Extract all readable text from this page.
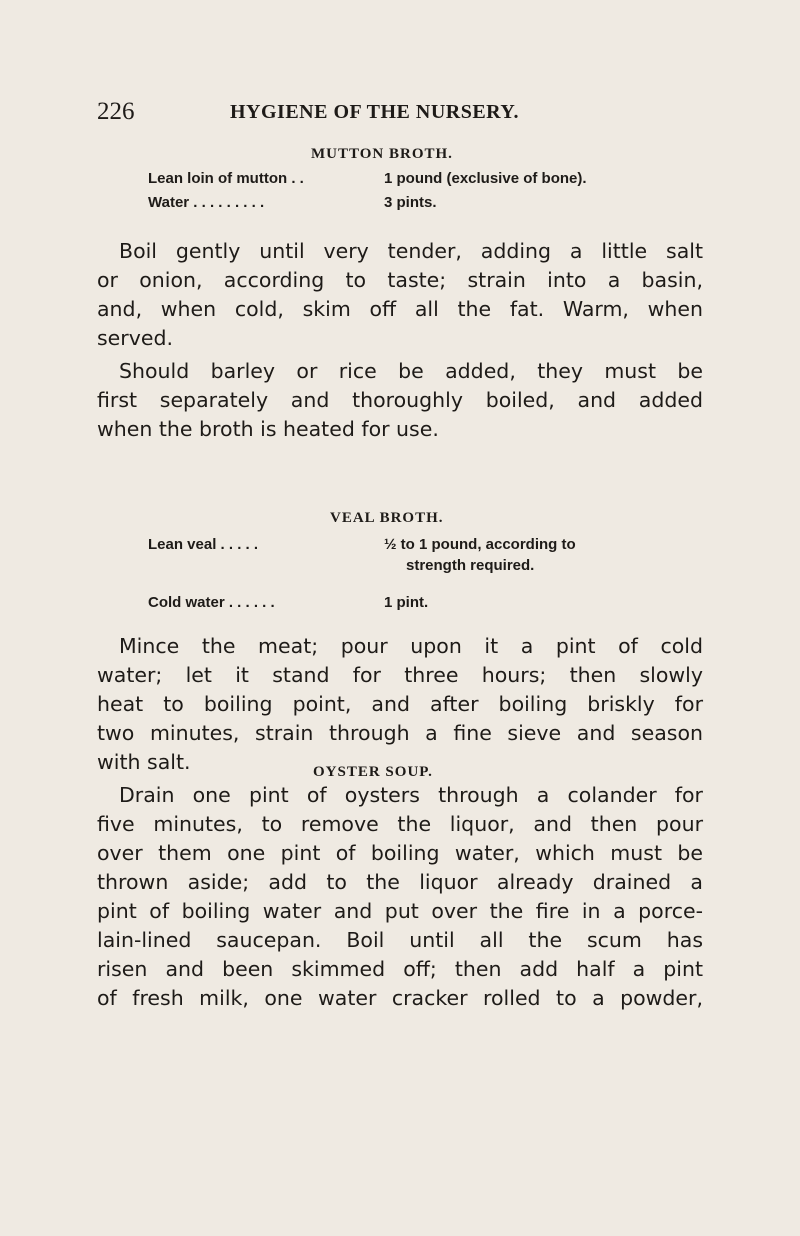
226	HYGIENE OF THE NURSERY.
MUTTON BROTH.
Lean loin of mutton . .	1 pound (exclusive of bone).
Water . . . . . . . . .	3 pints.
Boil gently until very tender, adding a little salt
or onion, according to taste; strain into a basin,
and, when cold, skim off all the fat. Warm, when
served.
Should barley or rice be added, they must be
first separately and thoroughly boiled, and added
when the broth is heated for use.
VEAL BROTH.
Lean veal . . . . .	½ to 1 pound, according to
strength required.
Cold water . . . . . .	1 pint.
Mince the meat; pour upon it a pint of cold
water; let it stand for three hours; then slowly
heat to boiling point, and after boiling briskly for
two minutes, strain through a fine sieve and season
with salt.	OYSTER SOUP.
Drain one pint of oysters through a colander for
five minutes, to remove the liquor, and then pour
over them one pint of boiling water, which must be
thrown aside; add to the liquor already drained a
pint of boiling water and put over the fire in a porce-
lain-lined saucepan. Boil until all the scum has
risen and been skimmed off; then add half a pint
of fresh milk, one water cracker rolled to a powder,
